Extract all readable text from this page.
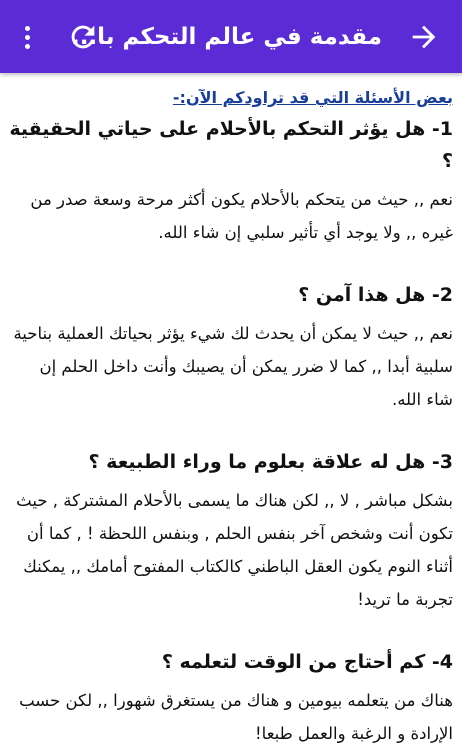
مقدمة في عالم التحكم با...

بعض الأسئلة التي قد تراودكم الآن:-

1- هل يؤثر التحكم بالأحلام على حياتي الحقيقية ؟

نعم ,, حيث من يتحكم بالأحلام يكون أكثر مرحة وسعة صدر من غيره ,, ولا يوجد أي تأثير سلبي إن شاء الله.

2- هل هذا آمن ؟

نعم ,, حيث لا يمكن أن يحدث لك شيء يؤثر بحياتك العملية بناحية سلبية أبدا ,, كما لا ضرر يمكن أن يصيبك وأنت داخل الحلم إن شاء الله.

3- هل له علاقة بعلوم ما وراء الطبيعة ؟

بشكل مباشر , لا ,, لكن هناك ما يسمى بالأحلام المشتركة , حيث تكون أنت وشخص آخر بنفس الحلم , وبنفس اللحظة ! , كما أن أثناء النوم يكون العقل الباطني كالكتاب المفتوح أمامك ,, يمكنك تجربة ما تريد!

4- كم أحتاج من الوقت لتعلمه ؟

هناك من يتعلمه بيومين و هناك من يستغرق شهورا ,, لكن حسب الإرادة و الرغبة والعمل طبعا!
